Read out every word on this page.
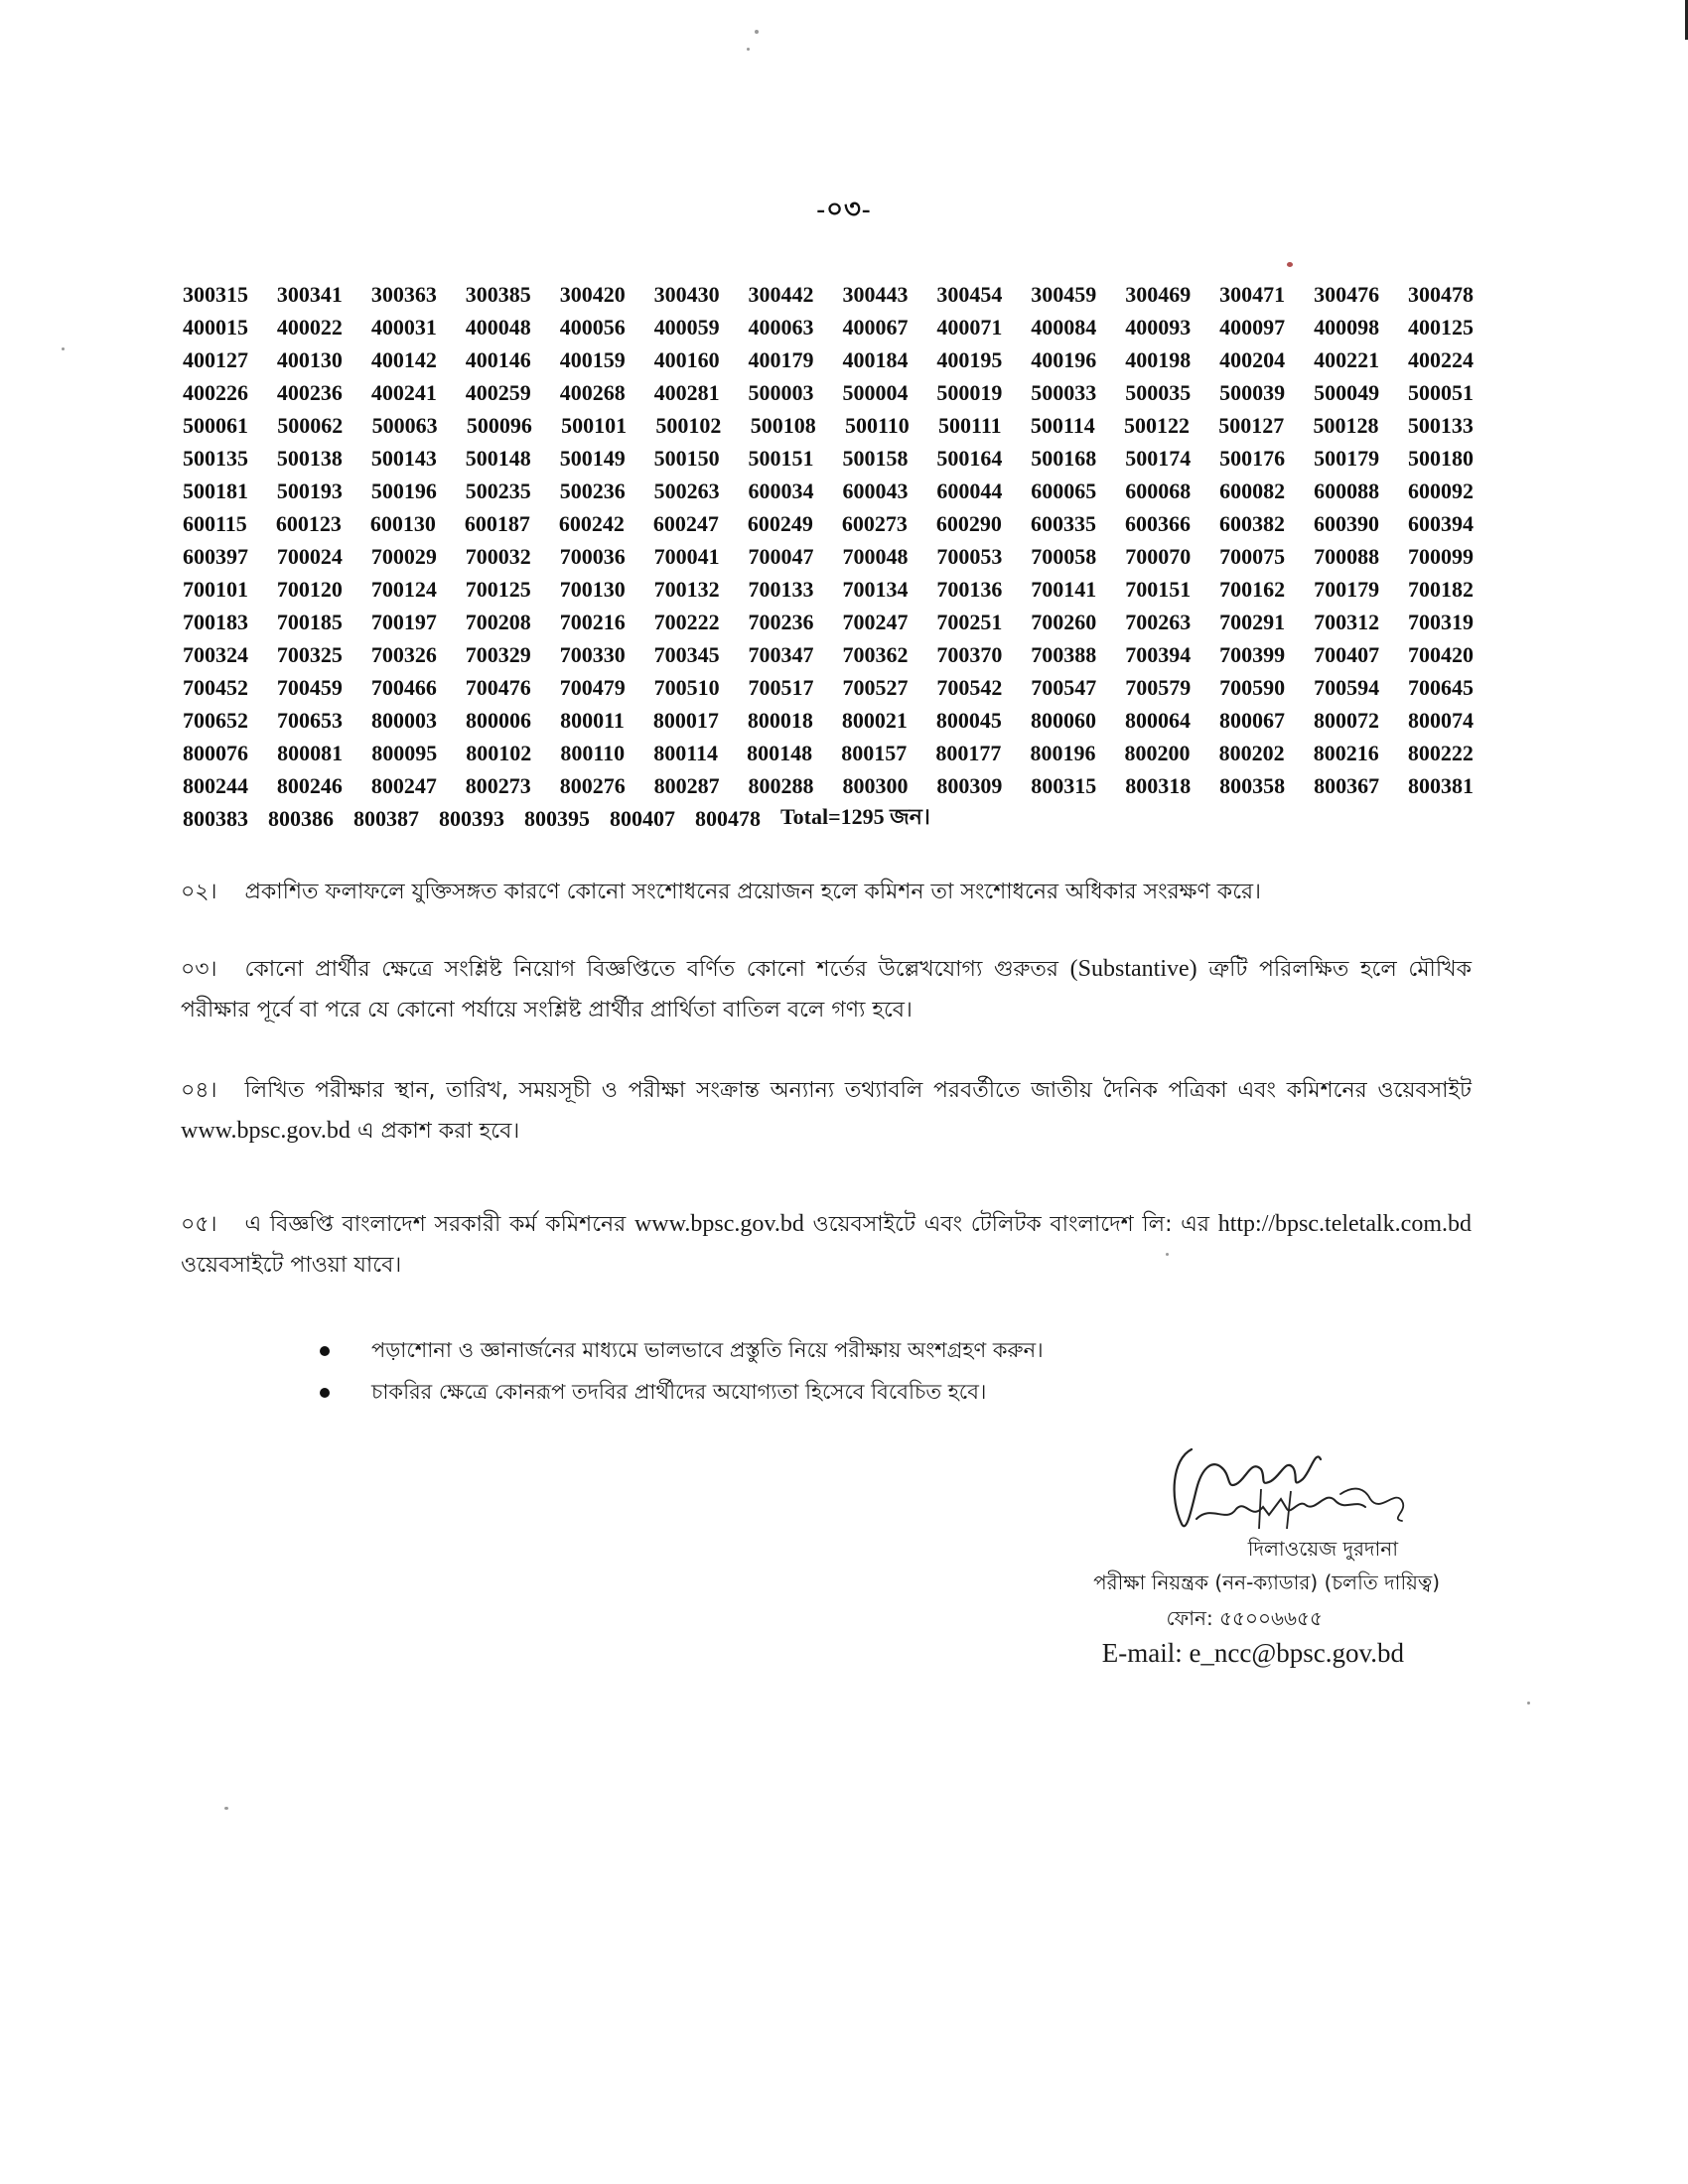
-০৩-
300315 300341 300363 300385 300420 300430 300442 300443 300454 300459 300469 300471 300476 300478
400015 400022 400031 400048 400056 400059 400063 400067 400071 400084 400093 400097 400098 400125
400127 400130 400142 400146 400159 400160 400179 400184 400195 400196 400198 400204 400221 400224
400226 400236 400241 400259 400268 400281 500003 500004 500019 500033 500035 500039 500049 500051
500061 500062 500063 500096 500101 500102 500108 500110 500111 500114 500122 500127 500128 500133
500135 500138 500143 500148 500149 500150 500151 500158 500164 500168 500174 500176 500179 500180
500181 500193 500196 500235 500236 500263 600034 600043 600044 600065 600068 600082 600088 600092
600115 600123 600130 600187 600242 600247 600249 600273 600290 600335 600366 600382 600390 600394
600397 700024 700029 700032 700036 700041 700047 700048 700053 700058 700070 700075 700088 700099
700101 700120 700124 700125 700130 700132 700133 700134 700136 700141 700151 700162 700179 700182
700183 700185 700197 700208 700216 700222 700236 700247 700251 700260 700263 700291 700312 700319
700324 700325 700326 700329 700330 700345 700347 700362 700370 700388 700394 700399 700407 700420
700452 700459 700466 700476 700479 700510 700517 700527 700542 700547 700579 700590 700594 700645
700652 700653 800003 800006 800011 800017 800018 800021 800045 800060 800064 800067 800072 800074
800076 800081 800095 800102 800110 800114 800148 800157 800177 800196 800200 800202 800216 800222
800244 800246 800247 800273 800276 800287 800288 800300 800309 800315 800318 800358 800367 800381
800383 800386 800387 800393 800395 800407 800478 Total=1295 জন।
০২। প্রকাশিত ফলাফলে যুক্তিসঙ্গত কারণে কোনো সংশোধনের প্রয়োজন হলে কমিশন তা সংশোধনের অধিকার সংরক্ষণ করে।
০৩। কোনো প্রার্থীর ক্ষেত্রে সংশ্লিষ্ট নিয়োগ বিজ্ঞপ্তিতে বর্ণিত কোনো শর্তের উল্লেখযোগ্য গুরুতর (Substantive) ত্রুটি পরিলক্ষিত হলে মৌখিক পরীক্ষার পূর্বে বা পরে যে কোনো পর্যায়ে সংশ্লিষ্ট প্রার্থীর প্রার্থিতা বাতিল বলে গণ্য হবে।
০৪। লিখিত পরীক্ষার স্থান, তারিখ, সময়সূচী ও পরীক্ষা সংক্রান্ত অন্যান্য তথ্যাবলি পরবর্তীতে জাতীয় দৈনিক পত্রিকা এবং কমিশনের ওয়েবসাইট www.bpsc.gov.bd এ প্রকাশ করা হবে।
০৫। এ বিজ্ঞপ্তি বাংলাদেশ সরকারী কর্ম কমিশনের www.bpsc.gov.bd ওয়েবসাইটে এবং টেলিটক বাংলাদেশ লি: এর http://bpsc.teletalk.com.bd ওয়েবসাইটে পাওয়া যাবে।
পড়াশোনা ও জ্ঞানার্জনের মাধ্যমে ভালভাবে প্রস্তুতি নিয়ে পরীক্ষায় অংশগ্রহণ করুন।
চাকরির ক্ষেত্রে কোনরূপ তদবির প্রার্থীদের অযোগ্যতা হিসেবে বিবেচিত হবে।
দিলাওয়েজ দুরদানা
পরীক্ষা নিয়ন্ত্রক (নন-ক্যাডার) (চলতি দায়িত্ব)
ফোন: ৫৫০০৬৬৫৫
E-mail: e_ncc@bpsc.gov.bd
